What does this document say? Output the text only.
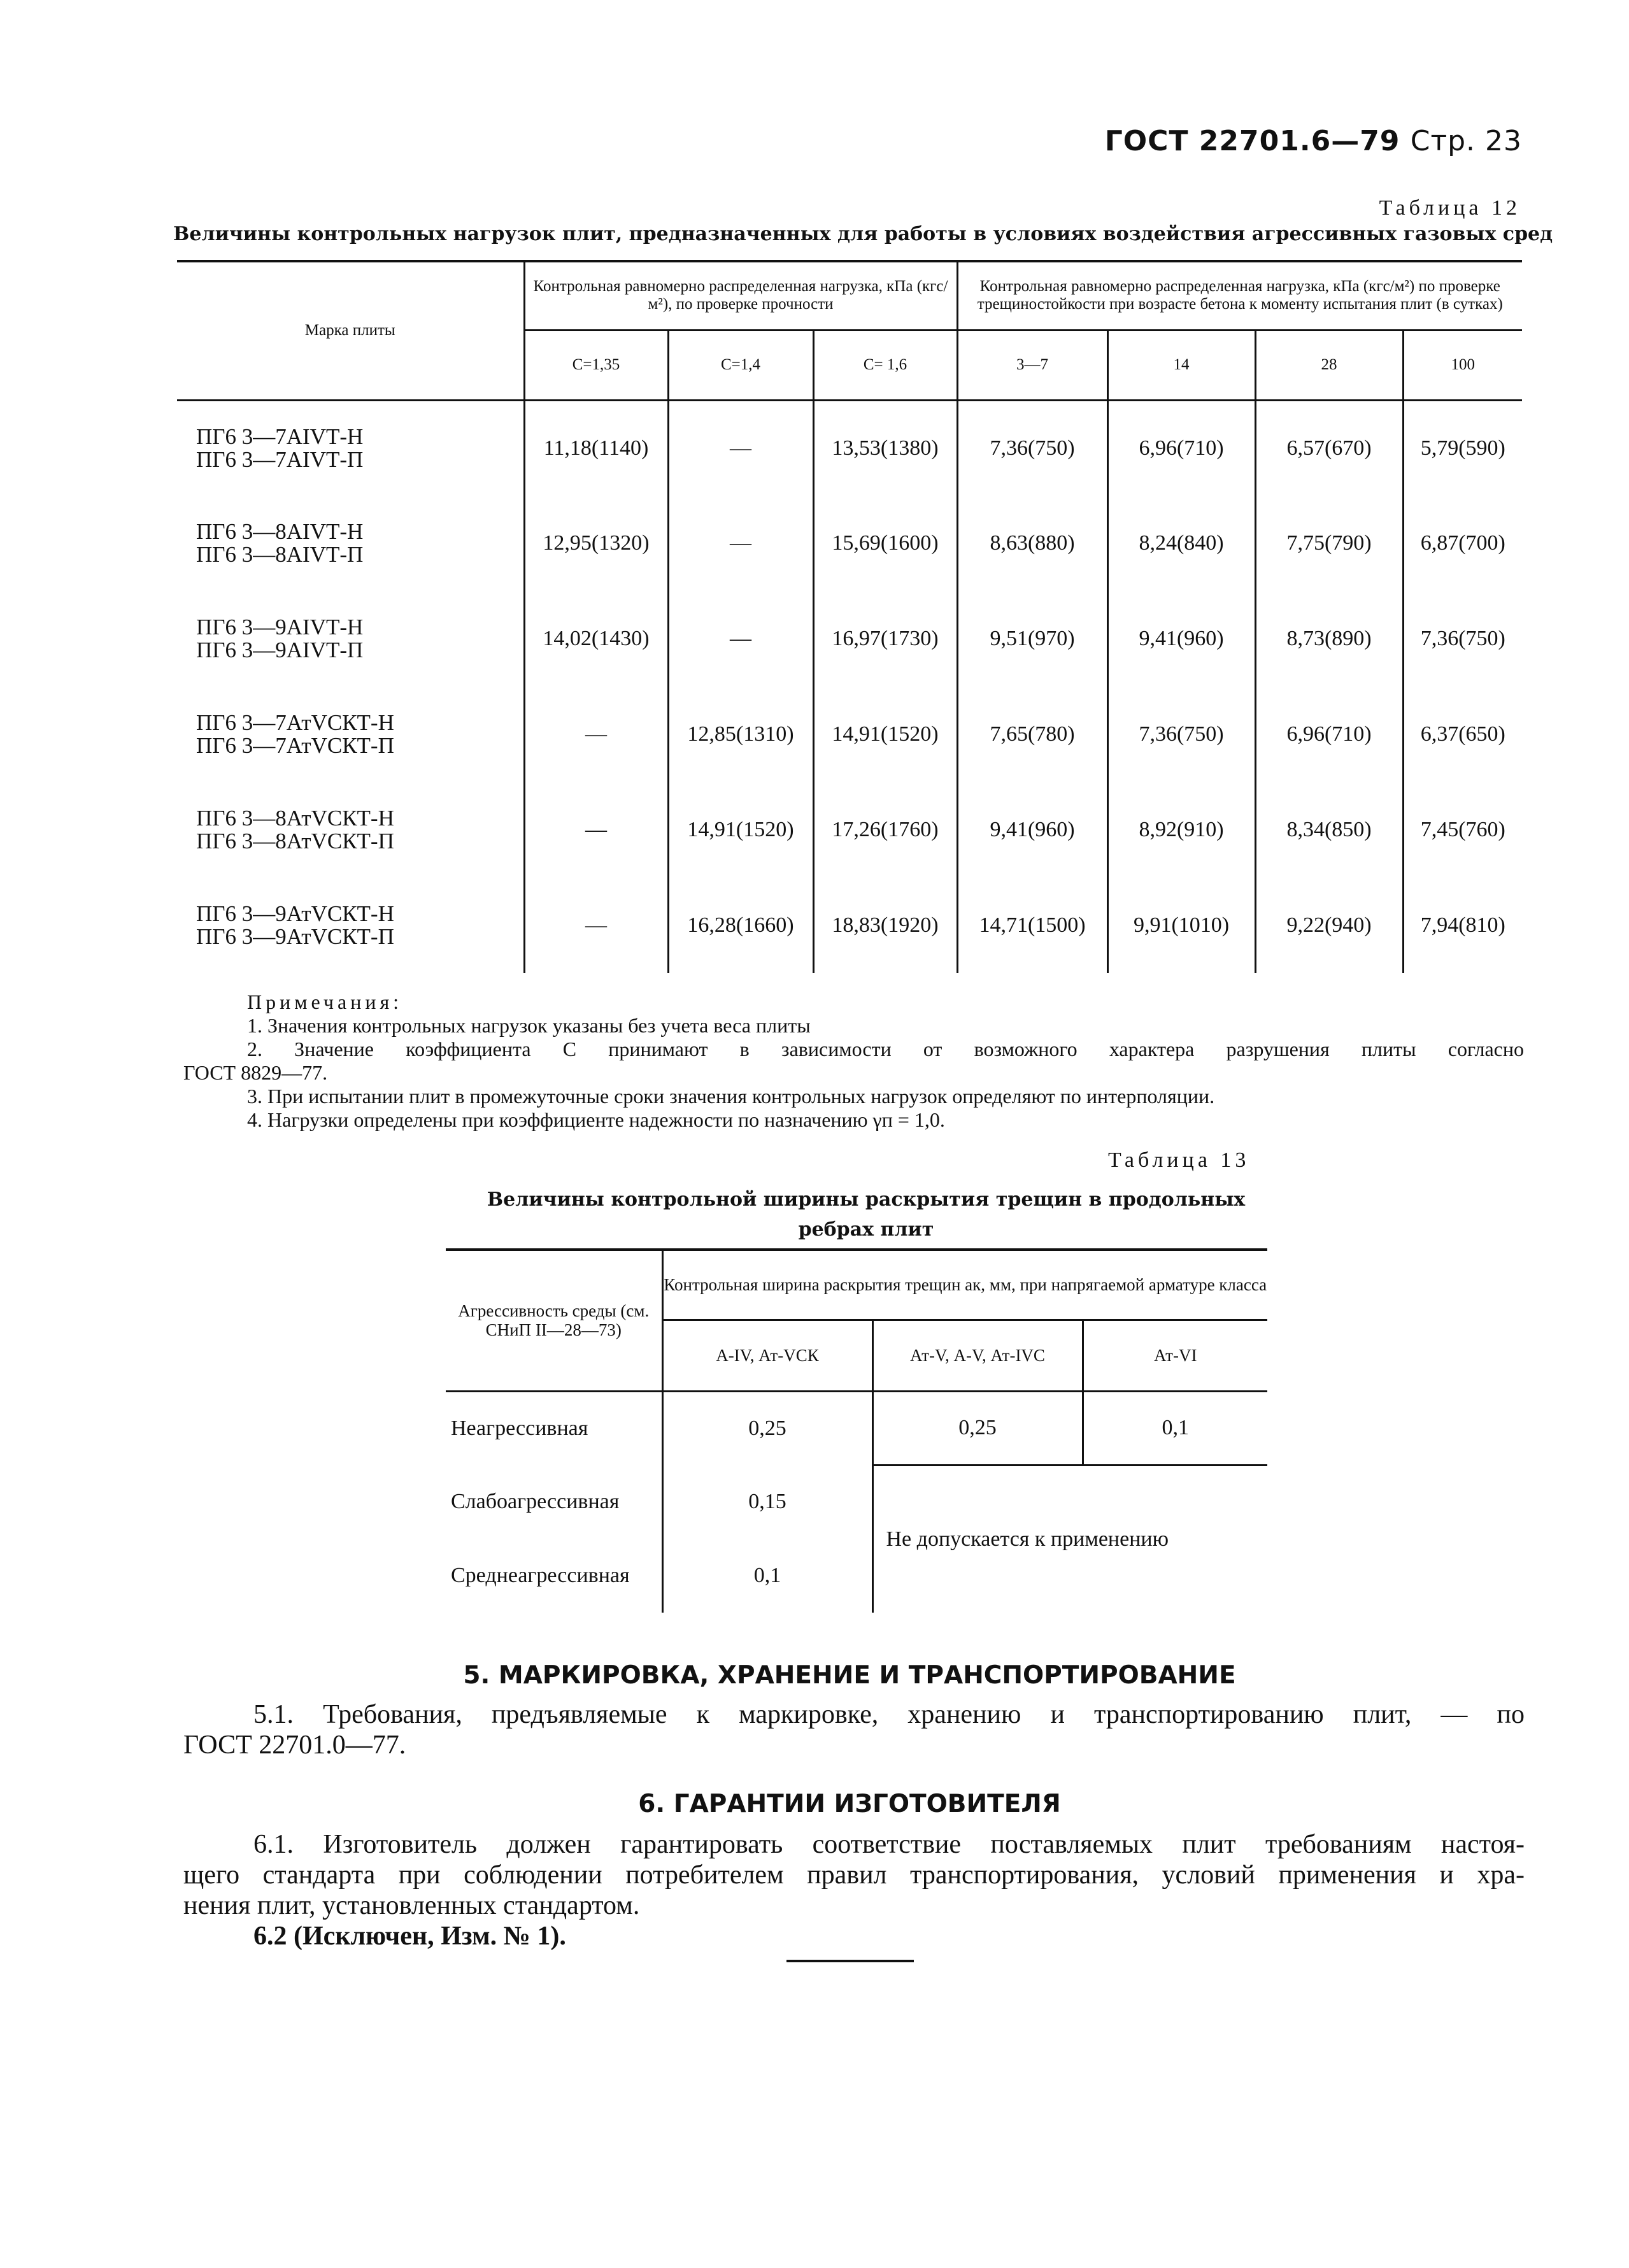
ГОСТ 22701.6—79 Стр. 23
Таблица 12
Величины контрольных нагрузок плит, предназначенных для работы в условиях воздействия агрессивных газовых сред
Марка плиты	Контрольная равномерно распределенная нагрузка, кПа (кгс/м²), по проверке прочности			Контрольная равномерно распределенная нагрузка, кПа (кгс/м²) по проверке трещиностойкости при возрасте бетона к моменту испытания плит (в сутках)			
	С=1,35	С=1,4	С= 1,6	3—7	14	28	100

ПГ6 3—7АIVТ-Н
ПГ6 3—7АIVТ-П	11,18(1140)	—	13,53(1380)	7,36(750)	6,96(710)	6,57(670)	5,79(590)

ПГ6 3—8АIVТ-Н
ПГ6 3—8АIVТ-П	12,95(1320)	—	15,69(1600)	8,63(880)	8,24(840)	7,75(790)	6,87(700)

ПГ6 3—9АIVТ-Н
ПГ6 3—9АIVТ-П	14,02(1430)	—	16,97(1730)	9,51(970)	9,41(960)	8,73(890)	7,36(750)

ПГ6 3—7АтVСКТ-Н
ПГ6 3—7АтVСКТ-П	—	12,85(1310)	14,91(1520)	7,65(780)	7,36(750)	6,96(710)	6,37(650)

ПГ6 3—8АтVСКТ-Н
ПГ6 3—8АтVСКТ-П	—	14,91(1520)	17,26(1760)	9,41(960)	8,92(910)	8,34(850)	7,45(760)

ПГ6 3—9АтVСКТ-Н
ПГ6 3—9АтVСКТ-П	—	16,28(1660)	18,83(1920)	14,71(1500)	9,91(1010)	9,22(940)	7,94(810)
Примечания:
1. Значения контрольных нагрузок указаны без учета веса плиты
2. Значение коэффициента С принимают в зависимости от возможного характера разрушения плиты согласно
ГОСТ 8829—77.
3. При испытании плит в промежуточные сроки значения контрольных нагрузок определяют по интерполяции.
4. Нагрузки определены при коэффициенте надежности по назначению γп = 1,0.
Таблица 13
Величины контрольной ширины раскрытия трещин в продольных
ребрах плит
Агрессивность среды (см. СНиП II—28—73)	Контрольная ширина раскрытия трещин aк, мм, при напрягаемой арматуре класса		
	А-IV, Ат-VСК	Ат-V, А-V, Ат-IVС	Ат-VI
Неагрессивная	0,25	0,25	0,1
Слабоагрессивная	0,15	Не допускается к применению	
Среднеагрессивная	0,1		
5. МАРКИРОВКА, ХРАНЕНИЕ И ТРАНСПОРТИРОВАНИЕ
5.1. Требования, предъявляемые к маркировке, хранению и транспортированию плит, — по
ГОСТ 22701.0—77.
6. ГАРАНТИИ ИЗГОТОВИТЕЛЯ
6.1. Изготовитель должен гарантировать соответствие поставляемых плит требованиям настоя-
щего стандарта при соблюдении потребителем правил транспортирования, условий применения и хра-
нения плит, установленных стандартом.
6.2 (Исключен, Изм. № 1).
